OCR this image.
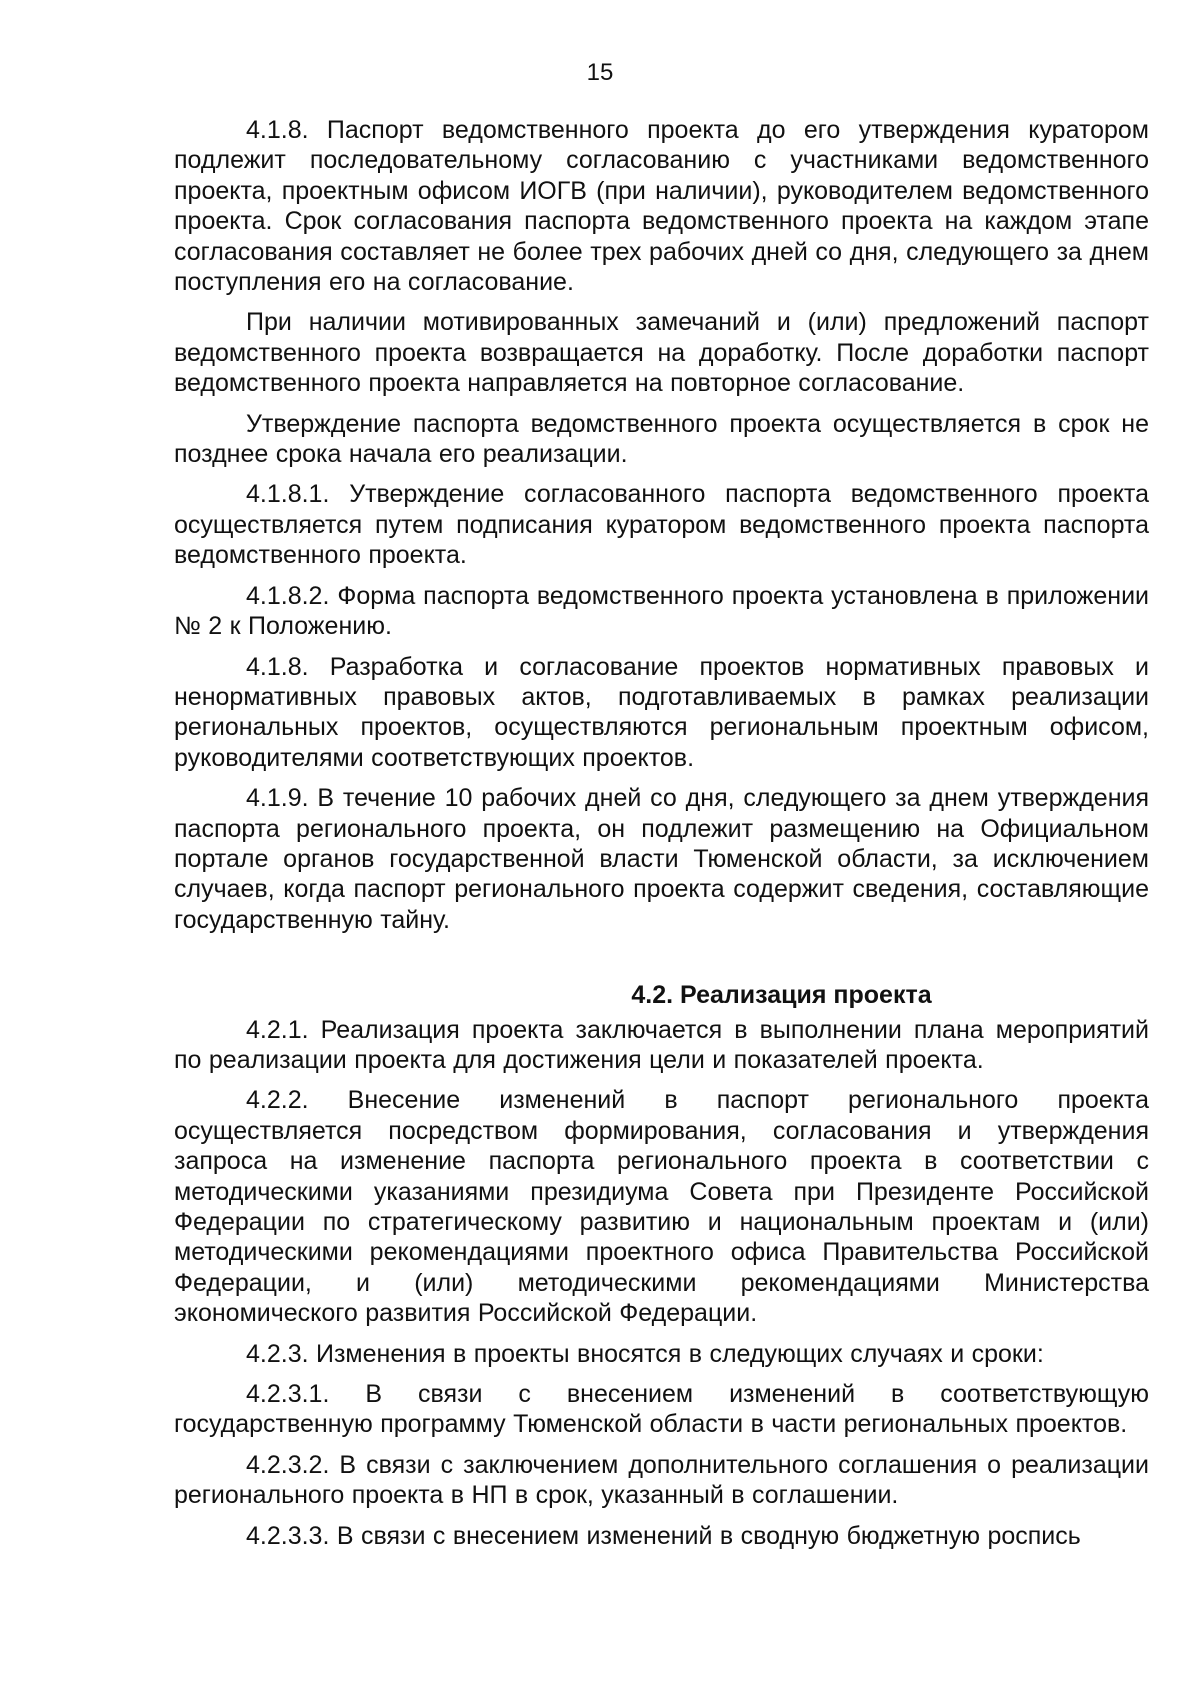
15

4.1.8. Паспорт ведомственного проекта до его утверждения куратором подлежит последовательному согласованию с участниками ведомственного проекта, проектным офисом ИОГВ (при наличии), руководителем ведомственного проекта. Срок согласования паспорта ведомственного проекта на каждом этапе согласования составляет не более трех рабочих дней со дня, следующего за днем поступления его на согласование.

При наличии мотивированных замечаний и (или) предложений паспорт ведомственного проекта возвращается на доработку. После доработки паспорт ведомственного проекта направляется на повторное согласование.

Утверждение паспорта ведомственного проекта осуществляется в срок не позднее срока начала его реализации.

4.1.8.1. Утверждение согласованного паспорта ведомственного проекта осуществляется путем подписания куратором ведомственного проекта паспорта ведомственного проекта.

4.1.8.2. Форма паспорта ведомственного проекта установлена в приложении № 2 к Положению.

4.1.8. Разработка и согласование проектов нормативных правовых и ненормативных правовых актов, подготавливаемых в рамках реализации региональных проектов, осуществляются региональным проектным офисом, руководителями соответствующих проектов.

4.1.9. В течение 10 рабочих дней со дня, следующего за днем утверждения паспорта регионального проекта, он подлежит размещению на Официальном портале органов государственной власти Тюменской области, за исключением случаев, когда паспорт регионального проекта содержит сведения, составляющие государственную тайну.

4.2. Реализация проекта

4.2.1. Реализация проекта заключается в выполнении плана мероприятий по реализации проекта для достижения цели и показателей проекта.

4.2.2. Внесение изменений в паспорт регионального проекта осуществляется посредством формирования, согласования и утверждения запроса на изменение паспорта регионального проекта в соответствии с методическими указаниями президиума Совета при Президенте Российской Федерации по стратегическому развитию и национальным проектам и (или) методическими рекомендациями проектного офиса Правительства Российской Федерации, и (или) методическими рекомендациями Министерства экономического развития Российской Федерации.

4.2.3. Изменения в проекты вносятся в следующих случаях и сроки:

4.2.3.1. В связи с внесением изменений в соответствующую государственную программу Тюменской области в части региональных проектов.

4.2.3.2. В связи с заключением дополнительного соглашения о реализации регионального проекта в НП в срок, указанный в соглашении.

4.2.3.3. В связи с внесением изменений в сводную бюджетную роспись
